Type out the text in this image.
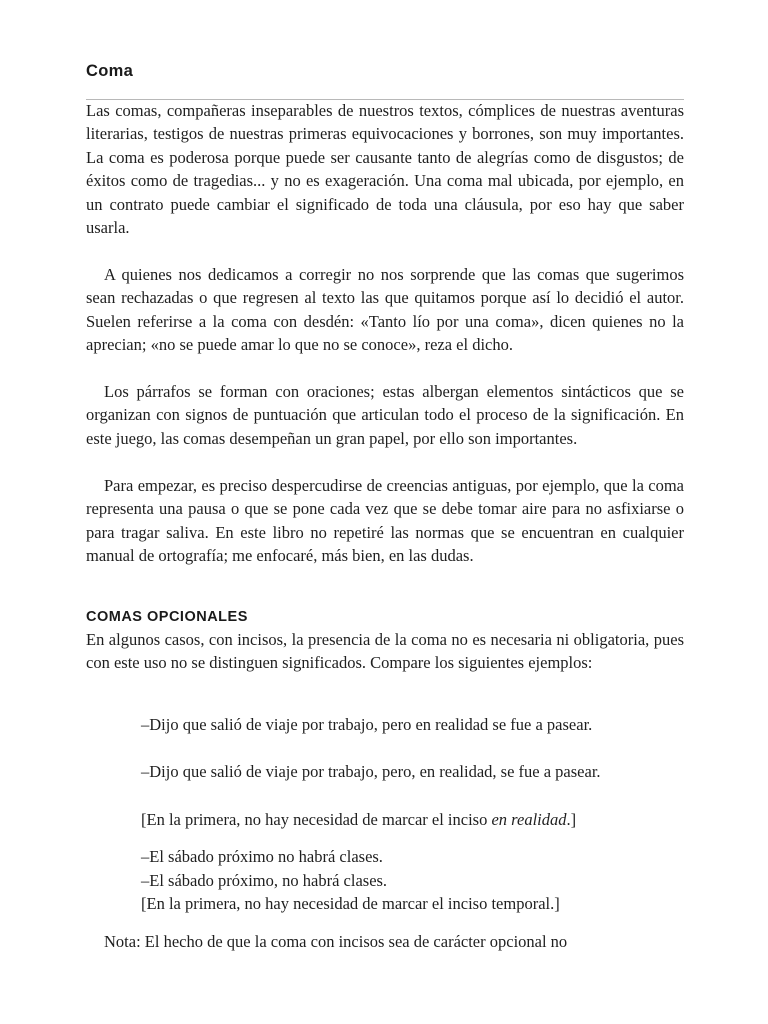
Coma

Las comas, compañeras inseparables de nuestros textos, cómplices de nuestras aventuras literarias, testigos de nuestras primeras equivocaciones y borrones, son muy importantes. La coma es poderosa porque puede ser causante tanto de alegrías como de disgustos; de éxitos como de tragedias... y no es exageración. Una coma mal ubicada, por ejemplo, en un contrato puede cambiar el significado de toda una cláusula, por eso hay que saber usarla.

A quienes nos dedicamos a corregir no nos sorprende que las comas que sugerimos sean rechazadas o que regresen al texto las que quitamos porque así lo decidió el autor. Suelen referirse a la coma con desdén: «Tanto lío por una coma», dicen quienes no la aprecian; «no se puede amar lo que no se conoce», reza el dicho.

Los párrafos se forman con oraciones; estas albergan elementos sintácticos que se organizan con signos de puntuación que articulan todo el proceso de la significación. En este juego, las comas desempeñan un gran papel, por ello son importantes.

Para empezar, es preciso despercudirse de creencias antiguas, por ejemplo, que la coma representa una pausa o que se pone cada vez que se debe tomar aire para no asfixiarse o para tragar saliva. En este libro no repetiré las normas que se encuentran en cualquier manual de ortografía; me enfocaré, más bien, en las dudas.

COMAS OPCIONALES

En algunos casos, con incisos, la presencia de la coma no es necesaria ni obligatoria, pues con este uso no se distinguen significados. Compare los siguientes ejemplos:

–Dijo que salió de viaje por trabajo, pero en realidad se fue a pasear.

–Dijo que salió de viaje por trabajo, pero, en realidad, se fue a pasear.

[En la primera, no hay necesidad de marcar el inciso en realidad.]

–El sábado próximo no habrá clases.

–El sábado próximo, no habrá clases.

[En la primera, no hay necesidad de marcar el inciso temporal.]

Nota: El hecho de que la coma con incisos sea de carácter opcional no
